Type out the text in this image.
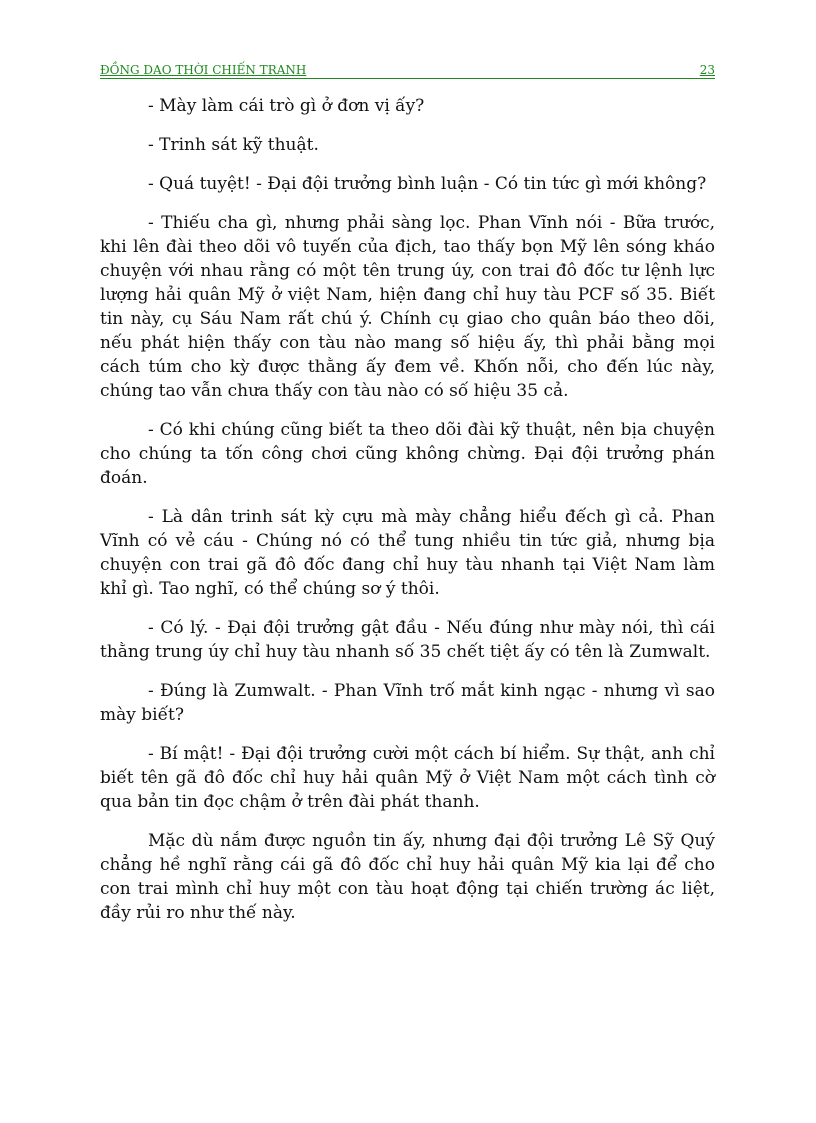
ĐỒNG DAO THỜI CHIẾN TRANH	23

- Mày làm cái trò gì ở đơn vị ấy?

- Trinh sát kỹ thuật.

- Quá tuyệt! - Đại đội trưởng bình luận - Có tin tức gì mới không?

- Thiếu cha gì, nhưng phải sàng lọc. Phan Vĩnh nói - Bữa trước, khi lên đài theo dõi vô tuyến của địch, tao thấy bọn Mỹ lên sóng kháo chuyện với nhau rằng có một tên trung úy, con trai đô đốc tư lệnh lực lượng hải quân Mỹ ở việt Nam, hiện đang chỉ huy tàu PCF số 35. Biết tin này, cụ Sáu Nam rất chú ý. Chính cụ giao cho quân báo theo dõi, nếu phát hiện thấy con tàu nào mang số hiệu ấy, thì phải bằng mọi cách túm cho kỳ được thằng ấy đem về. Khốn nỗi, cho đến lúc này, chúng tao vẫn chưa thấy con tàu nào có số hiệu 35 cả.

- Có khi chúng cũng biết ta theo dõi đài kỹ thuật, nên bịa chuyện cho chúng ta tốn công chơi cũng không chừng. Đại đội trưởng phán đoán.

- Là dân trinh sát kỳ cựu mà mày chẳng hiểu đếch gì cả. Phan Vĩnh có vẻ cáu - Chúng nó có thể tung nhiều tin tức giả, nhưng bịa chuyện con trai gã đô đốc đang chỉ huy tàu nhanh tại Việt Nam làm khỉ gì. Tao nghĩ, có thể chúng sơ ý thôi.

- Có lý. - Đại đội trưởng gật đầu - Nếu đúng như mày nói, thì cái thằng trung úy chỉ huy tàu nhanh số 35 chết tiệt ấy có tên là Zumwalt.

- Đúng là Zumwalt. - Phan Vĩnh trố mắt kinh ngạc - nhưng vì sao mày biết?

- Bí mật! - Đại đội trưởng cười một cách bí hiểm. Sự thật, anh chỉ biết tên gã đô đốc chỉ huy hải quân Mỹ ở Việt Nam một cách tình cờ qua bản tin đọc chậm ở trên đài phát thanh.

Mặc dù nắm được nguồn tin ấy, nhưng đại đội trưởng Lê Sỹ Quý chẳng hề nghĩ rằng cái gã đô đốc chỉ huy hải quân Mỹ kia lại để cho con trai mình chỉ huy một con tàu hoạt động tại chiến trường ác liệt, đầy rủi ro như thế này.
